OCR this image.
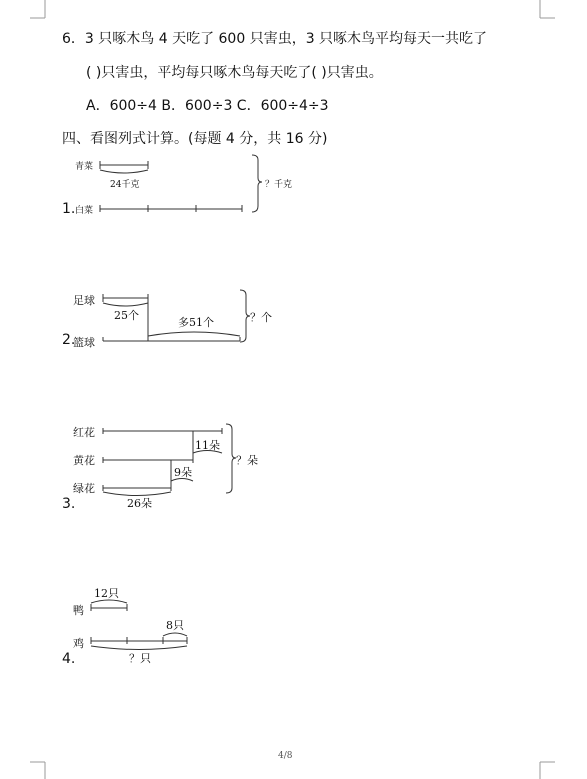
6．3 只啄木鸟 4 天吃了 600 只害虫，3 只啄木鸟平均每天一共吃了
( )只害虫，平均每只啄木鸟每天吃了( )只害虫。
A．600÷4 B．600÷3 C．600÷4÷3
四、看图列式计算。(每题 4 分，共 16 分)
青菜
24千克	？千克
1. 白菜
足球
25个
多51个	？个
2.
篮球
红花
11朵
黄花	？朵
9朵
绿花
26朵
3.
12只
鸭
8只
鸡
？只
4.
4/8
